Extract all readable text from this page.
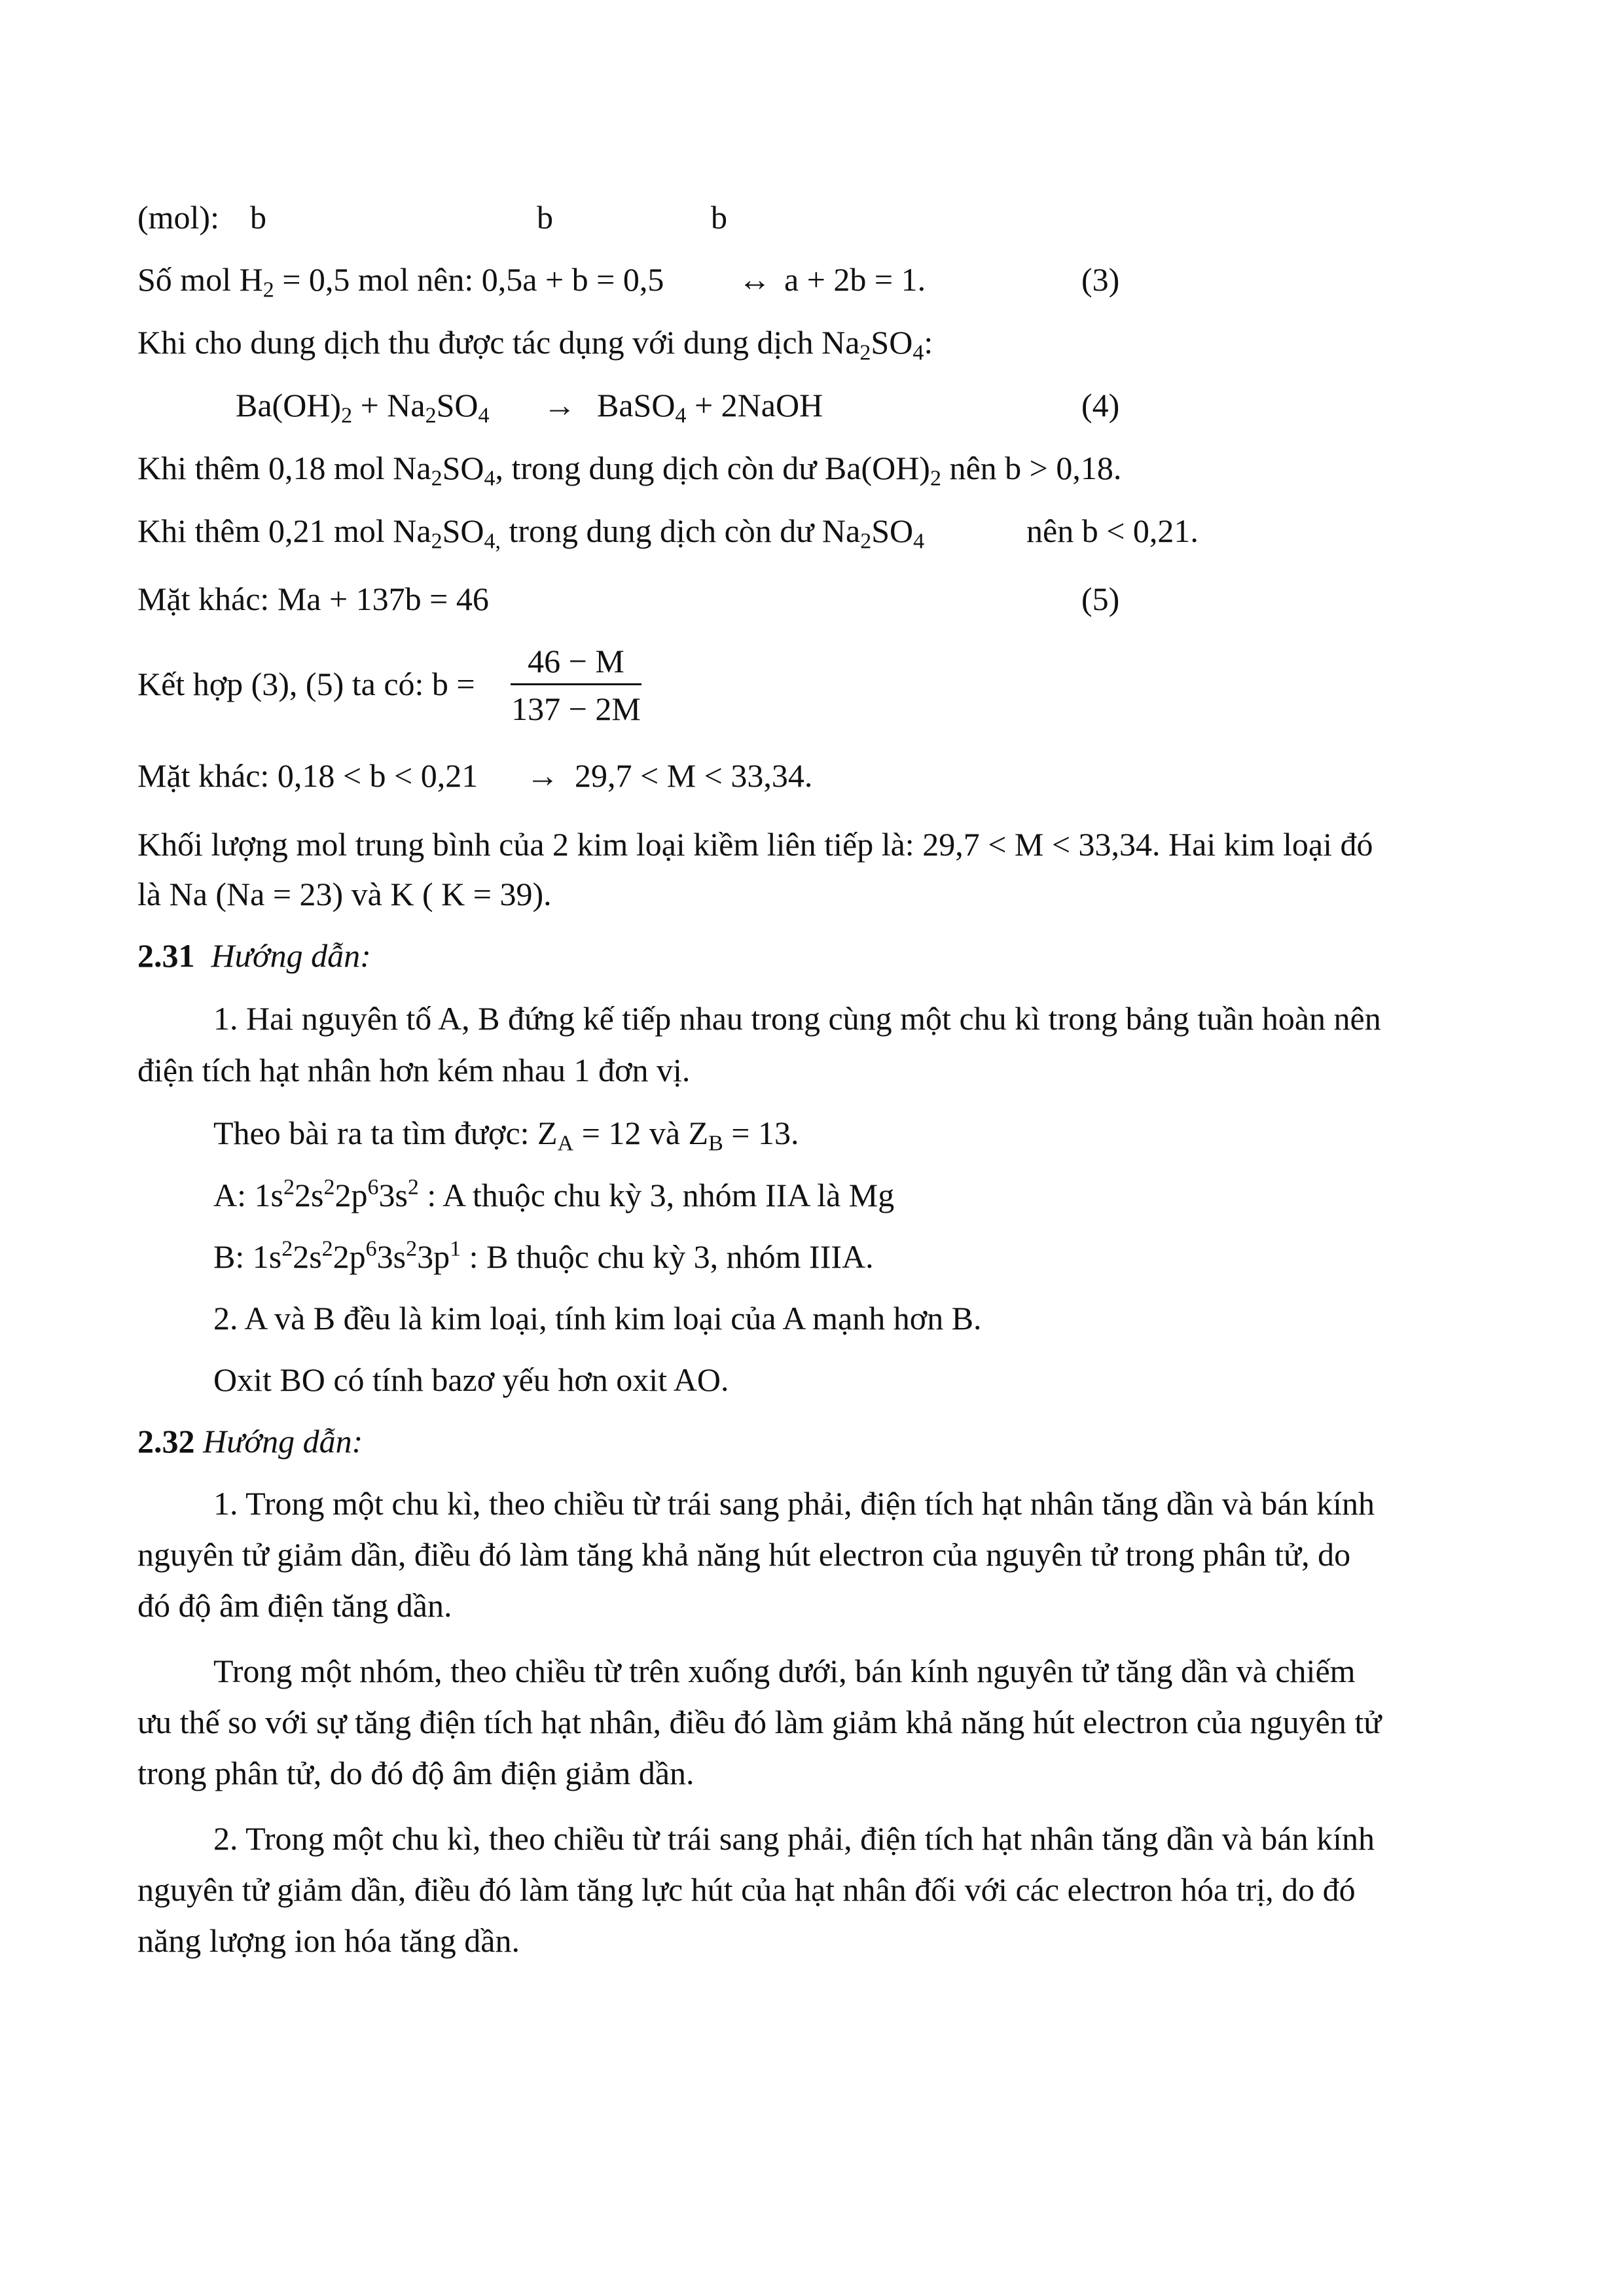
(mol): b	b	b
Số mol $H_2 = 0,5$ mol nên: 0,5a + b = 0,5 ↔ a + 2b = 1.	(3)
Khi cho dung dịch thu được tác dụng với dung dịch $Na_2SO_4$:
$Ba(OH)_2 + Na_2SO_4$ → BaSO$_4$ + 2NaOH	(4)
Khi thêm 0,18 mol $Na_2SO_4$, trong dung dịch còn dư $Ba(OH)_2$ nên b > 0,18.
Khi thêm 0,21 mol $Na_2SO_{4,}$ trong dung dịch còn dư $Na_2SO_4$	nên b < 0,21.
Mặt khác: Ma + 137b = 46	(5)
Kết hợp (3), (5) ta có: b =
46 − M
137 − 2M
Mặt khác: 0,18 < b < 0,21 → 29,7 < M < 33,34.
Khối lượng mol trung bình của 2 kim loại kiềm liên tiếp là: 29,7 < M < 33,34. Hai kim loại đó
là Na (Na = 23) và K ( K = 39).
2.31 Hướng dẫn:
1. Hai nguyên tố A, B đứng kế tiếp nhau trong cùng một chu kì trong bảng tuần hoàn nên
điện tích hạt nhân hơn kém nhau 1 đơn vị.
Theo bài ra ta tìm được: $Z_A = 12$ và $Z_B = 13$.
A: $1s^22s^22p^63s^2$ : A thuộc chu kỳ 3, nhóm IIA là Mg
B: $1s^22s^22p^63s^23p^1$ : B thuộc chu kỳ 3, nhóm IIIA.
2. A và B đều là kim loại, tính kim loại của A mạnh hơn B.
Oxit BO có tính bazơ yếu hơn oxit AO.
2.32 Hướng dẫn:
1. Trong một chu kì, theo chiều từ trái sang phải, điện tích hạt nhân tăng dần và bán kính
nguyên tử giảm dần, điều đó làm tăng khả năng hút electron của nguyên tử trong phân tử, do
đó độ âm điện tăng dần.
Trong một nhóm, theo chiều từ trên xuống dưới, bán kính nguyên tử tăng dần và chiếm
ưu thế so với sự tăng điện tích hạt nhân, điều đó làm giảm khả năng hút electron của nguyên tử
trong phân tử, do đó độ âm điện giảm dần.
2. Trong một chu kì, theo chiều từ trái sang phải, điện tích hạt nhân tăng dần và bán kính
nguyên tử giảm dần, điều đó làm tăng lực hút của hạt nhân đối với các electron hóa trị, do đó
năng lượng ion hóa tăng dần.
